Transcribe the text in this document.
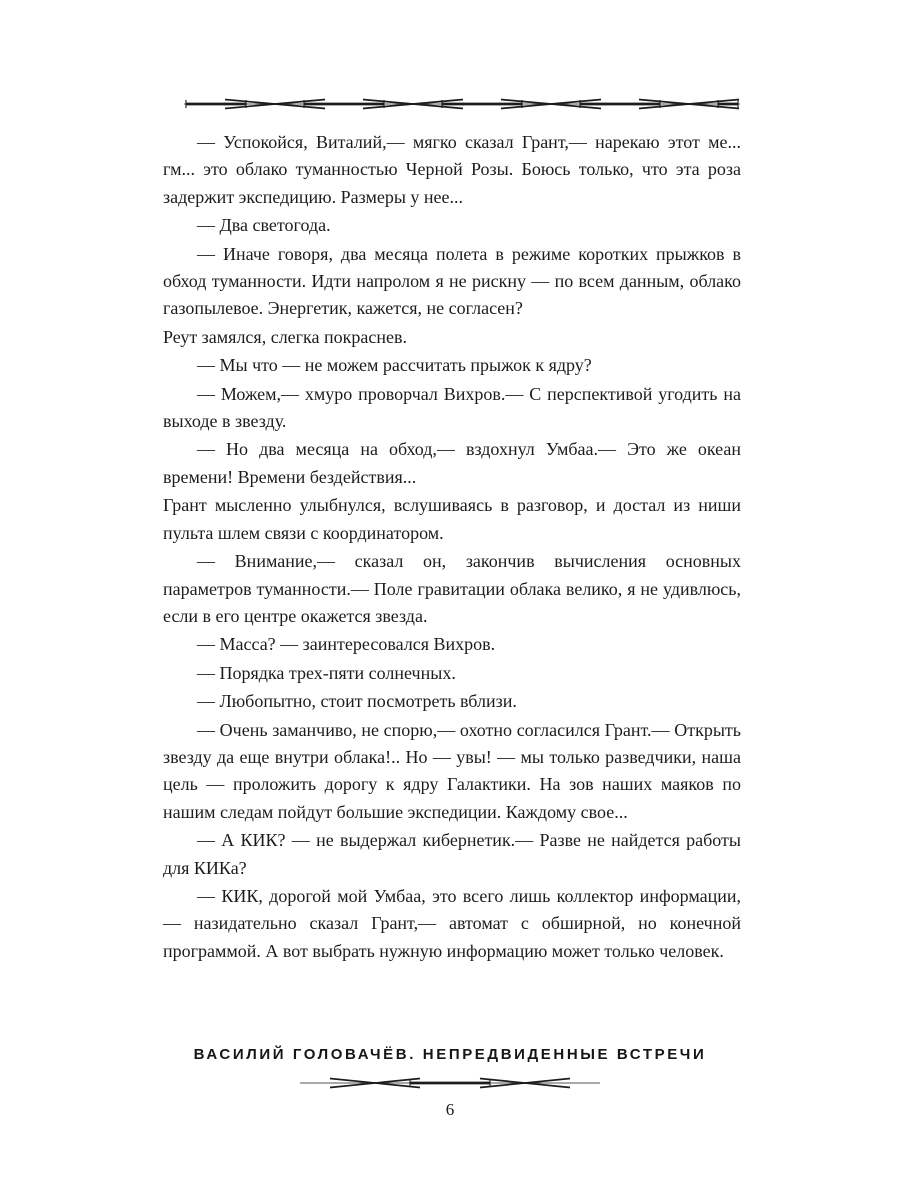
— Успокойся, Виталий,— мягко сказал Грант,— нарекаю этот ме... гм... это облако туманностью Черной Розы. Боюсь только, что эта роза задержит экспедицию. Размеры у нее...

— Два светогода.

— Иначе говоря, два месяца полета в режиме коротких прыжков в обход туманности. Идти напролом я не рискну — по всем данным, облако газопылевое. Энергетик, кажется, не согласен?

Реут замялся, слегка покраснев.

— Мы что — не можем рассчитать прыжок к ядру?

— Можем,— хмуро проворчал Вихров.— С перспективой угодить на выходе в звезду.

— Но два месяца на обход,— вздохнул Умбаа.— Это же океан времени! Времени бездействия...

Грант мысленно улыбнулся, вслушиваясь в разговор, и достал из ниши пульта шлем связи с координатором.

— Внимание,— сказал он, закончив вычисления основных параметров туманности.— Поле гравитации облака велико, я не удивлюсь, если в его центре окажется звезда.

— Масса? — заинтересовался Вихров.

— Порядка трех-пяти солнечных.

— Любопытно, стоит посмотреть вблизи.

— Очень заманчиво, не спорю,— охотно согласился Грант.— Открыть звезду да еще внутри облака!.. Но — увы! — мы только разведчики, наша цель — проложить дорогу к ядру Галактики. На зов наших маяков по нашим следам пойдут большие экспедиции. Каждому свое...

— А КИК? — не выдержал кибернетик.— Разве не найдется работы для КИКа?

— КИК, дорогой мой Умбаа, это всего лишь коллектор информации,— назидательно сказал Грант,— автомат с обширной, но конечной программой. А вот выбрать нужную информацию может только человек.

ВАСИЛИЙ ГОЛОВАЧЁВ. НЕПРЕДВИДЕННЫЕ ВСТРЕЧИ
6
